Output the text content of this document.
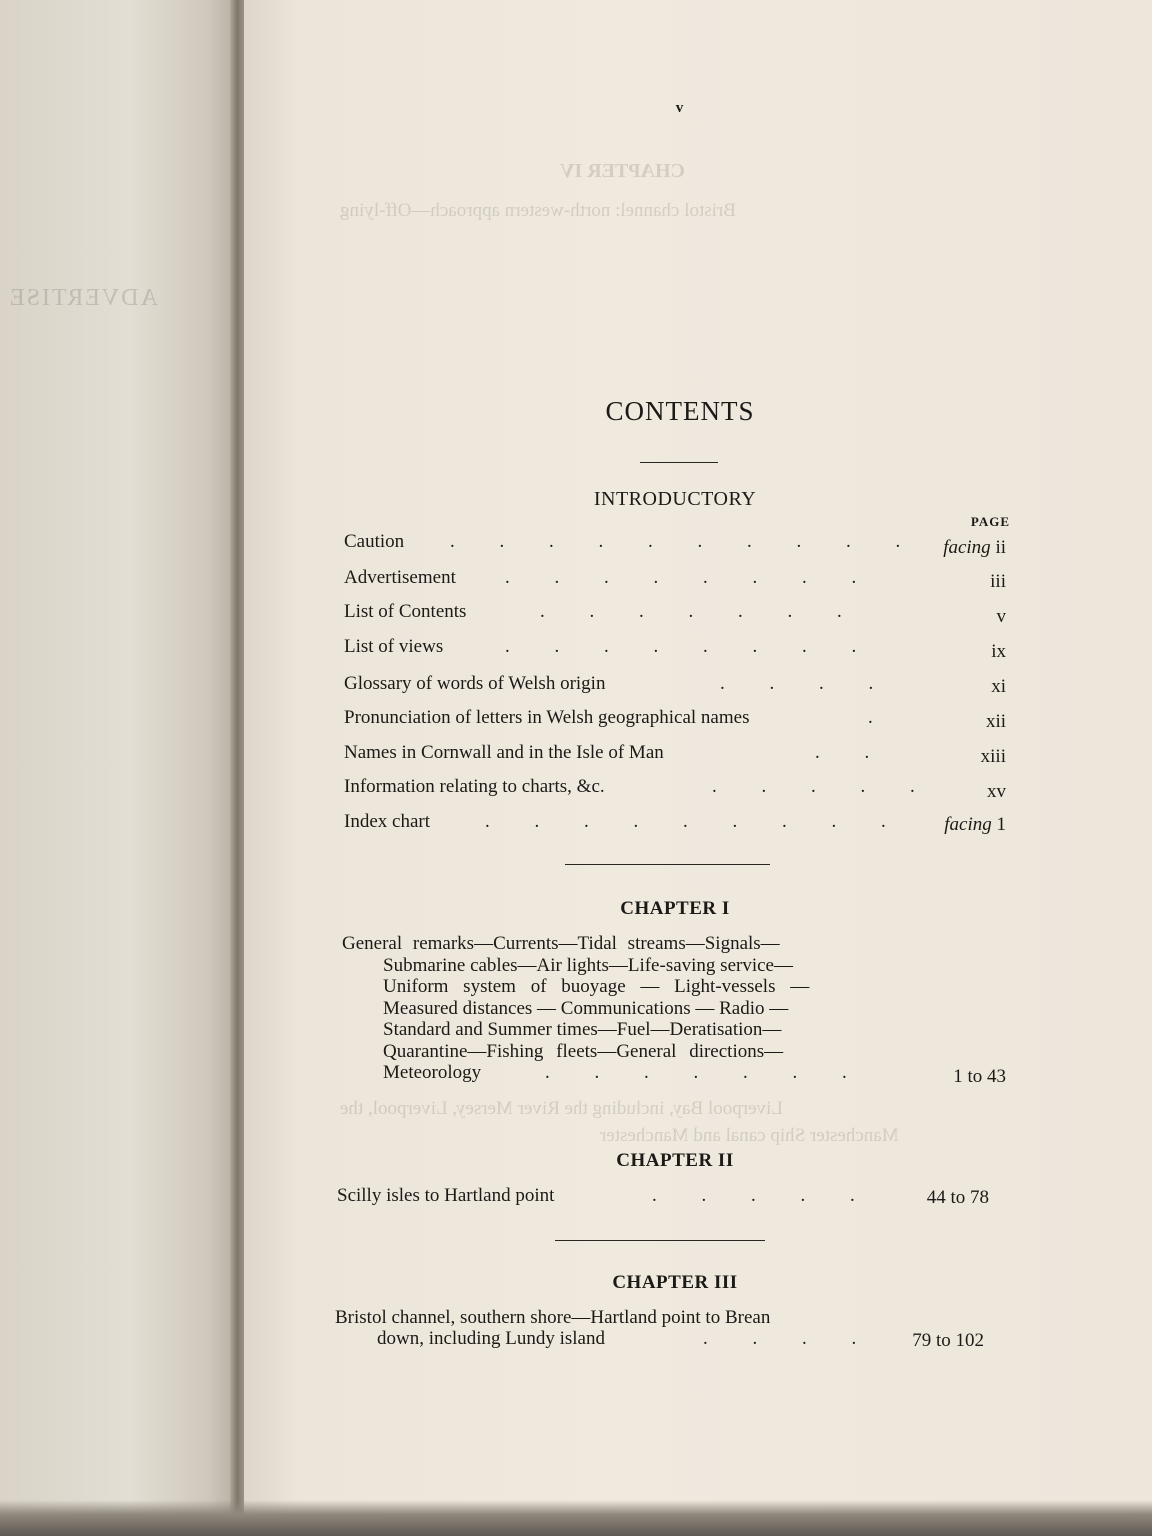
ADVERTISE
v
CONTENTS
INTRODUCTORY
PAGE
Caution . . . . . . . . . . facing ii
Advertisement	. . . . . . . .	iii
List of Contents	. . . . . . .	v
List of views	. . . . . . . .	ix
Glossary of words of Welsh origin	. . . .	xi
Pronunciation of letters in Welsh geographical names	.	xii
Names in Cornwall and in the Isle of Man	. .	xiii
Information relating to charts, &c.	. . . . .	xv
Index chart	. . . . . . . . . facing 1
CHAPTER I
General remarks—Currents—Tidal streams—Signals—
Submarine cables—Air lights—Life-saving service—
Uniform system of buoyage — Light-vessels —
Measured distances — Communications — Radio —
Standard and Summer times—Fuel—Deratisation—
Quarantine—Fishing fleets—General directions—
Meteorology	. . . . . . .	1 to 43
CHAPTER II
Scilly isles to Hartland point	. . . . .	44 to 78
CHAPTER III
Bristol channel, southern shore—Hartland point to Brean
down, including Lundy island	. . . . 79 to 102
